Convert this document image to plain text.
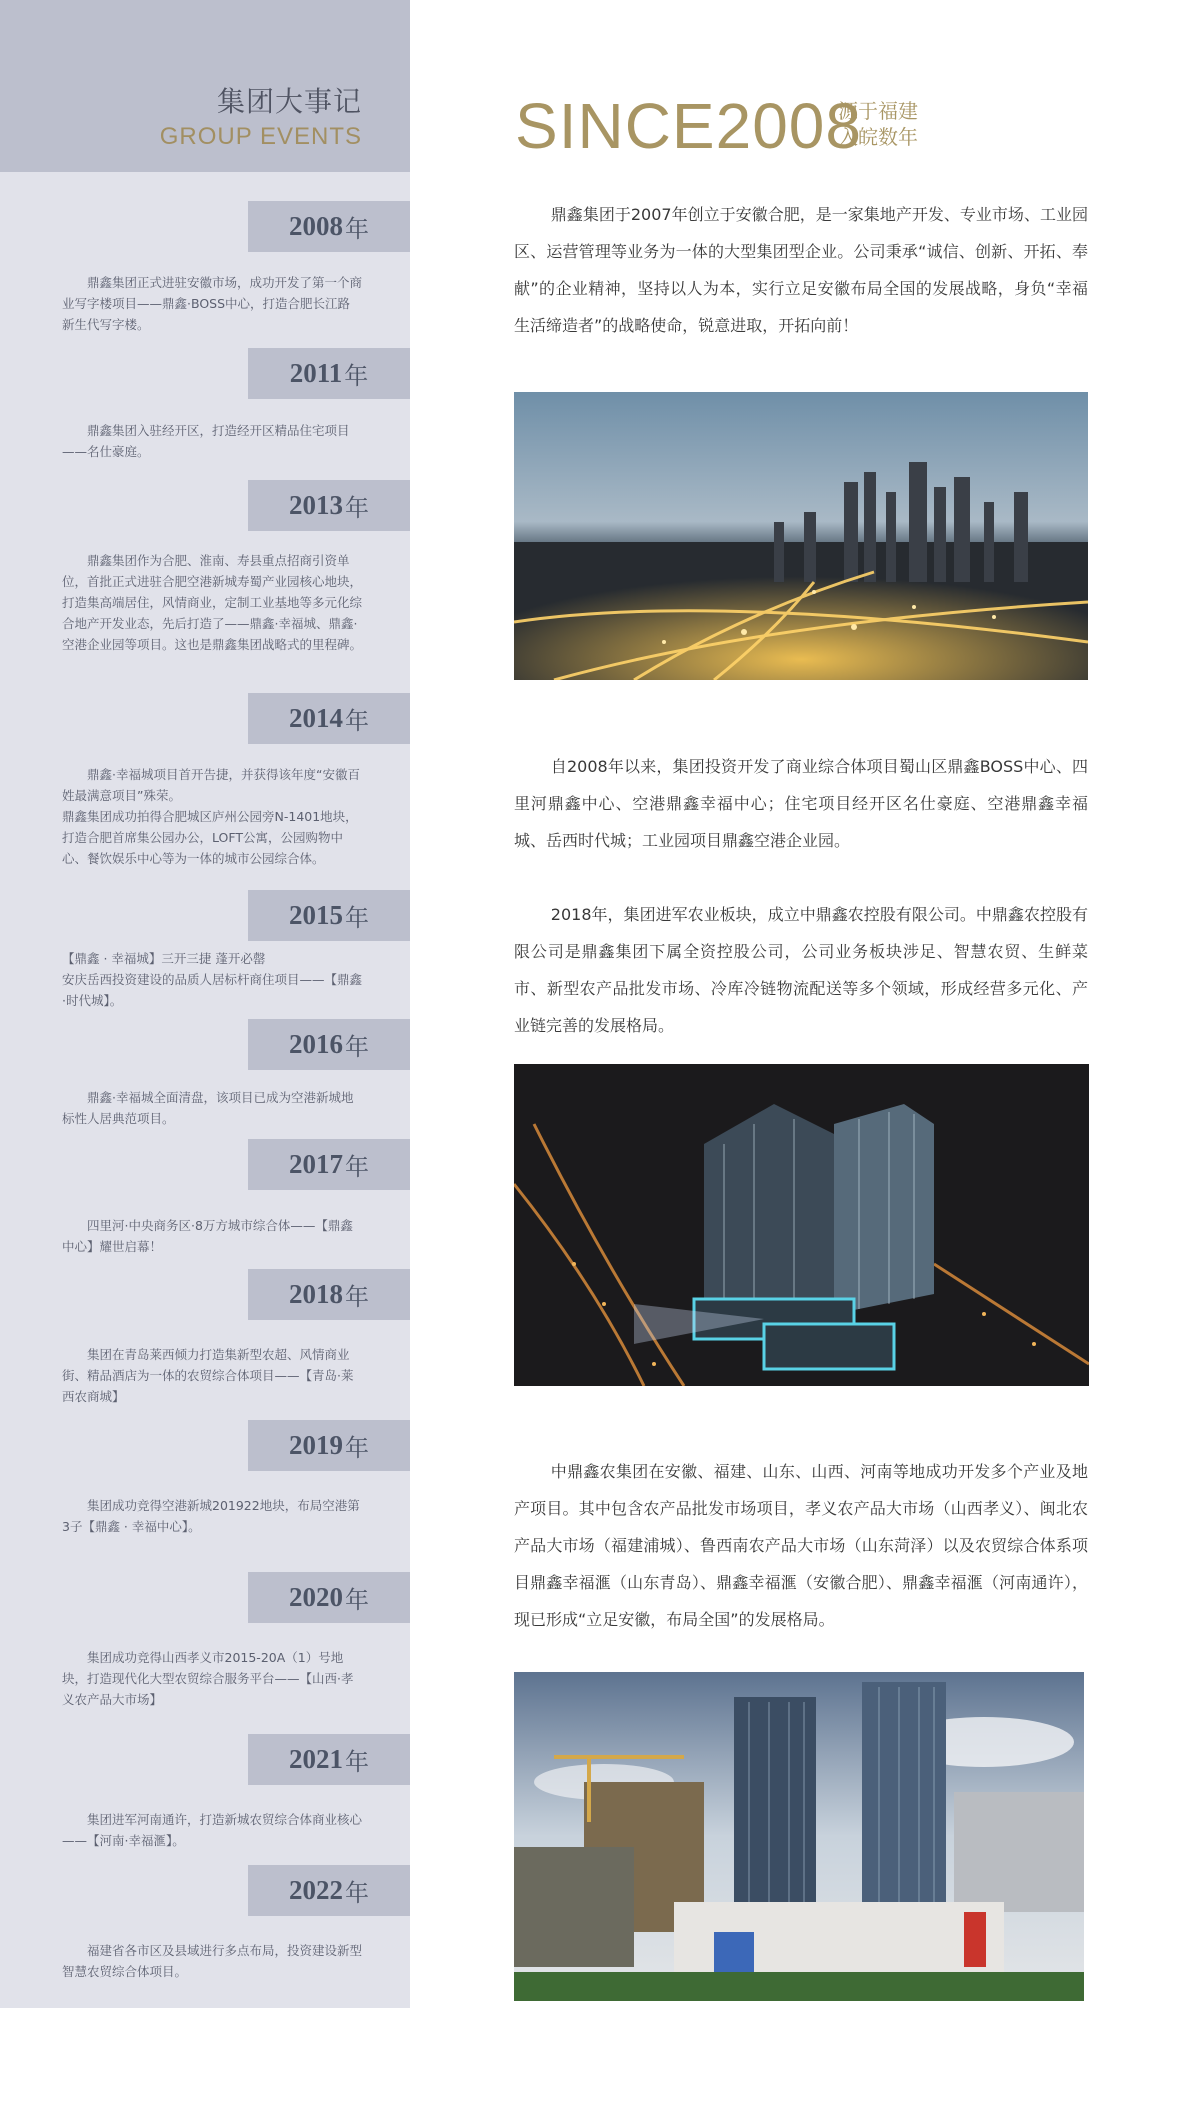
集团大事记
GROUP EVENTS
2008 年
鼎鑫集团正式进驻安徽市场，成功开发了第一个商业写字楼项目——鼎鑫·BOSS中心，打造合肥长江路新生代写字楼。
2011 年
鼎鑫集团入驻经开区，打造经开区精品住宅项目——名仕豪庭。
2013 年
鼎鑫集团作为合肥、淮南、寿县重点招商引资单位，首批正式进驻合肥空港新城寿蜀产业园核心地块，打造集高端居住，风情商业，定制工业基地等多元化综合地产开发业态，先后打造了——鼎鑫·幸福城、鼎鑫·空港企业园等项目。这也是鼎鑫集团战略式的里程碑。
2014 年
鼎鑫·幸福城项目首开告捷，并获得该年度“安徽百姓最满意项目”殊荣。
鼎鑫集团成功拍得合肥城区庐州公园旁N-1401地块，打造合肥首席集公园办公，LOFT公寓，公园购物中心、餐饮娱乐中心等为一体的城市公园综合体。
2015 年
【鼎鑫 · 幸福城】三开三捷 蓬开必罄
安庆岳西投资建设的品质人居标杆商住项目——【鼎鑫·时代城】。
2016 年
鼎鑫·幸福城全面清盘，该项目已成为空港新城地标性人居典范项目。
2017 年
四里河·中央商务区·8万方城市综合体——【鼎鑫中心】耀世启幕！
2018 年
集团在青岛莱西倾力打造集新型农超、风情商业街、精品酒店为一体的农贸综合体项目——【青岛·莱西农商城】
2019 年
集团成功竞得空港新城201922地块，布局空港第3子【鼎鑫 · 幸福中心】。
2020 年
集团成功竞得山西孝义市2015-20A（1）号地块，打造现代化大型农贸综合服务平台——【山西·孝义农产品大市场】
2021 年
集团进军河南通许，打造新城农贸综合体商业核心——【河南·幸福滙】。
2022 年
福建省各市区及县域进行多点布局，投资建设新型智慧农贸综合体项目。
SINCE2008
源于福建
入皖数年
鼎鑫集团于2007年创立于安徽合肥，是一家集地产开发、专业市场、工业园区、运营管理等业务为一体的大型集团型企业。公司秉承“诚信、创新、开拓、奉献”的企业精神，坚持以人为本，实行立足安徽布局全国的发展战略，身负“幸福生活缔造者”的战略使命，锐意进取，开拓向前！
自2008年以来，集团投资开发了商业综合体项目蜀山区鼎鑫BOSS中心、四里河鼎鑫中心、空港鼎鑫幸福中心；住宅项目经开区名仕豪庭、空港鼎鑫幸福城、岳西时代城；工业园项目鼎鑫空港企业园。
2018年，集团进军农业板块，成立中鼎鑫农控股有限公司。中鼎鑫农控股有限公司是鼎鑫集团下属全资控股公司，公司业务板块涉足、智慧农贸、生鲜菜市、新型农产品批发市场、冷库冷链物流配送等多个领域，形成经营多元化、产业链完善的发展格局。
中鼎鑫农集团在安徽、福建、山东、山西、河南等地成功开发多个产业及地产项目。其中包含农产品批发市场项目，孝义农产品大市场（山西孝义）、闽北农产品大市场（福建浦城）、鲁西南农产品大市场（山东菏泽）以及农贸综合体系项目鼎鑫幸福滙（山东青岛）、鼎鑫幸福滙（安徽合肥）、鼎鑫幸福滙（河南通许），现已形成“立足安徽，布局全国”的发展格局。
